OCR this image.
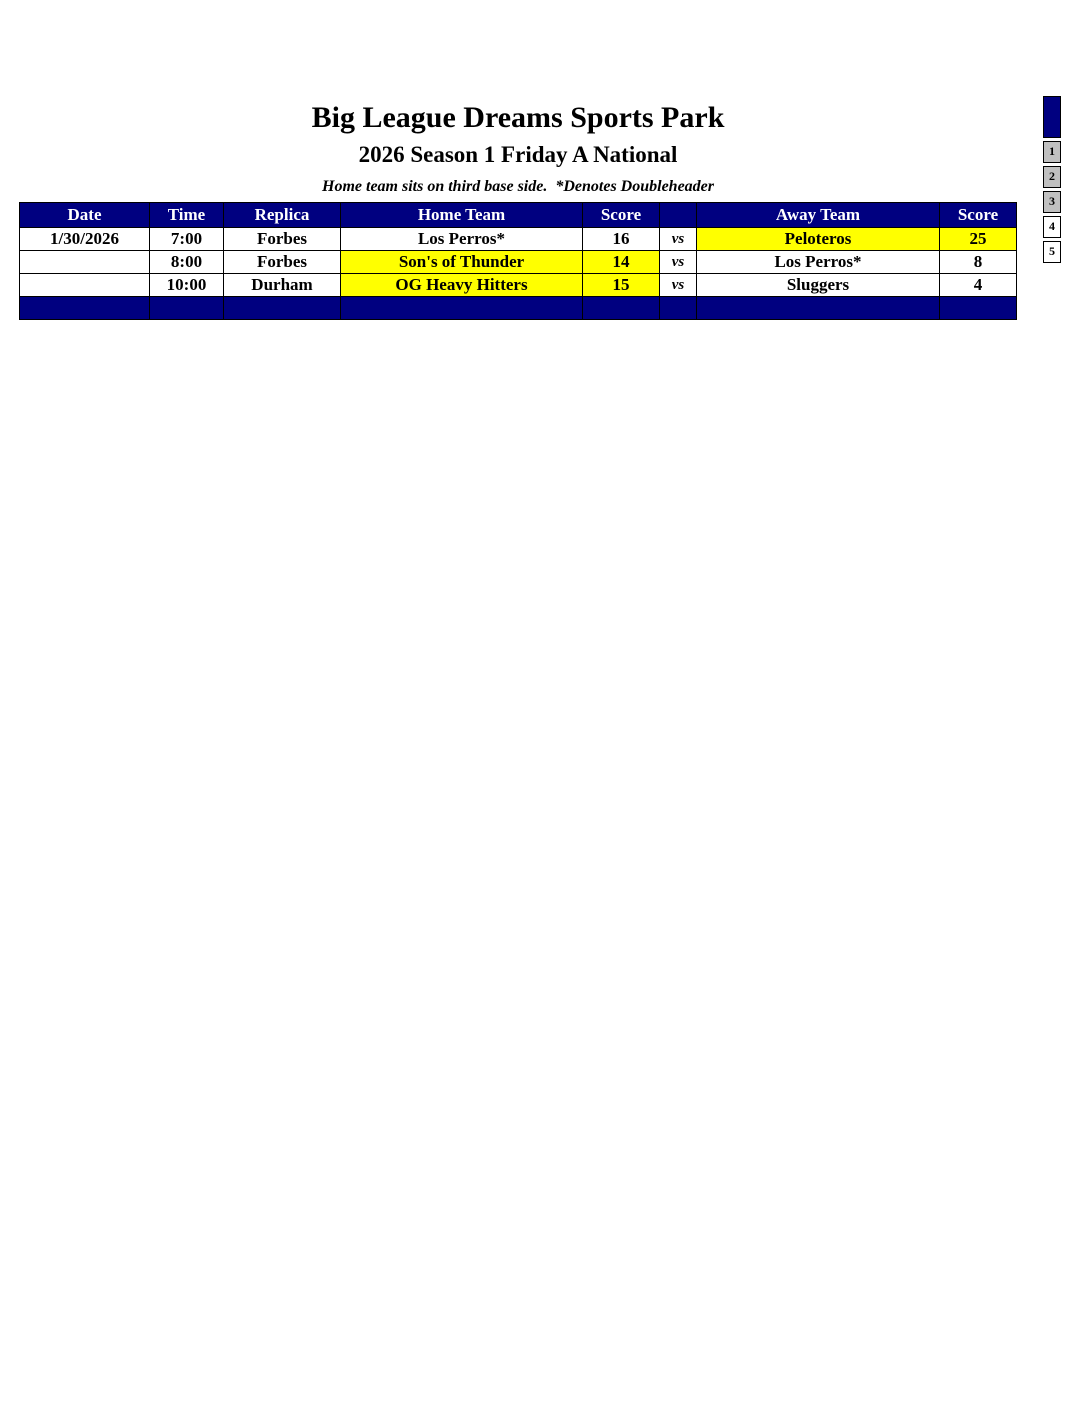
Big League Dreams Sports Park
2026 Season 1 Friday A National
Home team sits on third base side.  *Denotes Doubleheader
Date	Time	Replica	Home Team	Score		Away Team	Score
1/30/2026	7:00	Forbes	Los Perros*	16	vs	Peloteros	25
	8:00	Forbes	Son's of Thunder	14	vs	Los Perros*	8
	10:00	Durham	OG Heavy Hitters	15	vs	Sluggers	4

1
2
3
4
5
